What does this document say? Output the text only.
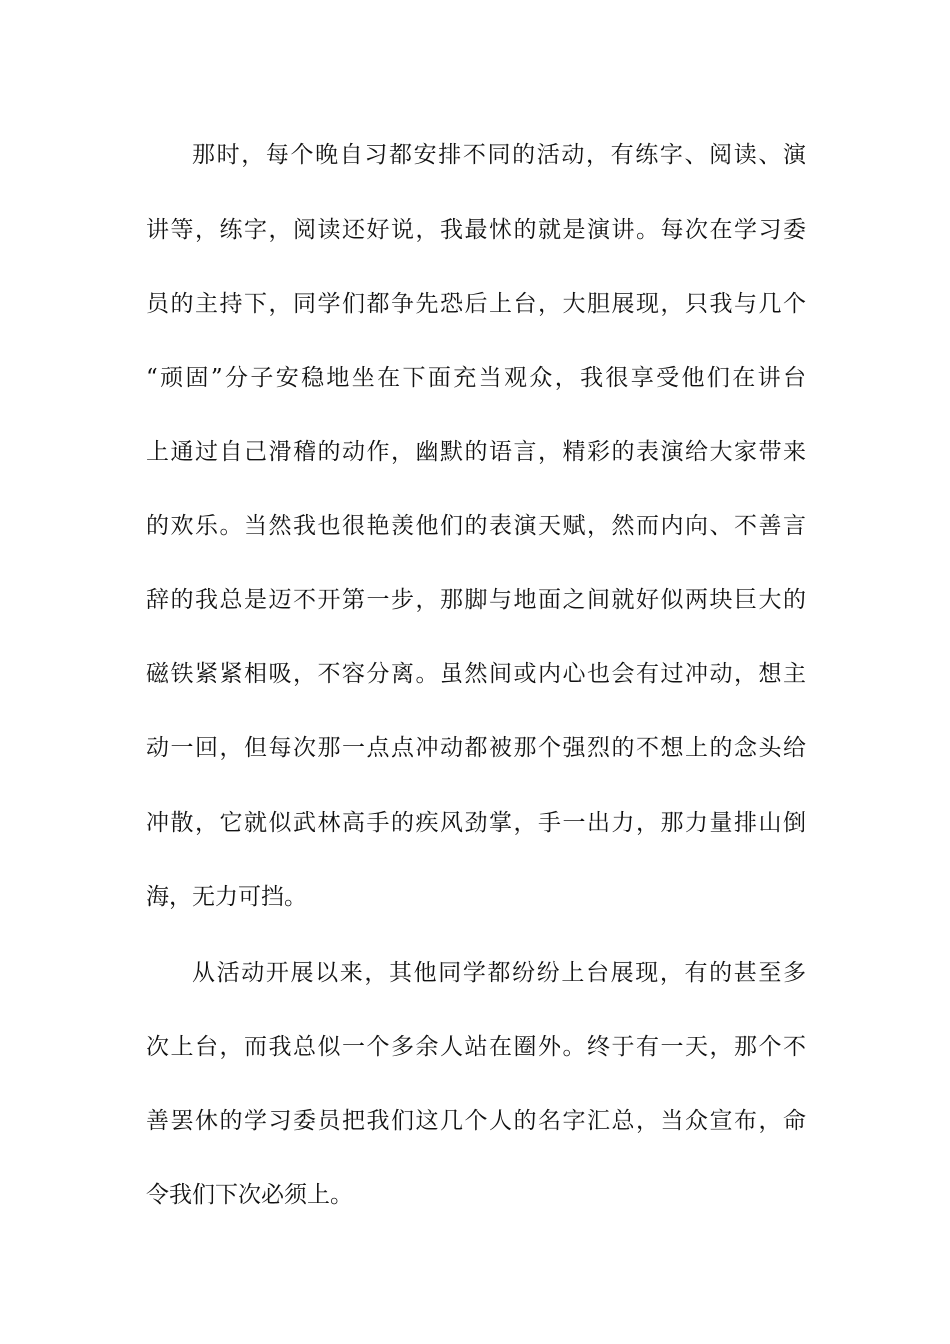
那时，每个晚自习都安排不同的活动，有练字、阅读、演
讲等，练字，阅读还好说，我最怵的就是演讲。每次在学习委
员的主持下，同学们都争先恐后上台，大胆展现，只我与几个
“顽固”分子安稳地坐在下面充当观众，我很享受他们在讲台
上通过自己滑稽的动作，幽默的语言，精彩的表演给大家带来
的欢乐。当然我也很艳羡他们的表演天赋，然而内向、不善言
辞的我总是迈不开第一步，那脚与地面之间就好似两块巨大的
磁铁紧紧相吸，不容分离。虽然间或内心也会有过冲动，想主
动一回，但每次那一点点冲动都被那个强烈的不想上的念头给
冲散，它就似武林高手的疾风劲掌，手一出力，那力量排山倒
海，无力可挡。
从活动开展以来，其他同学都纷纷上台展现，有的甚至多
次上台，而我总似一个多余人站在圈外。终于有一天，那个不
善罢休的学习委员把我们这几个人的名字汇总，当众宣布，命
令我们下次必须上。
